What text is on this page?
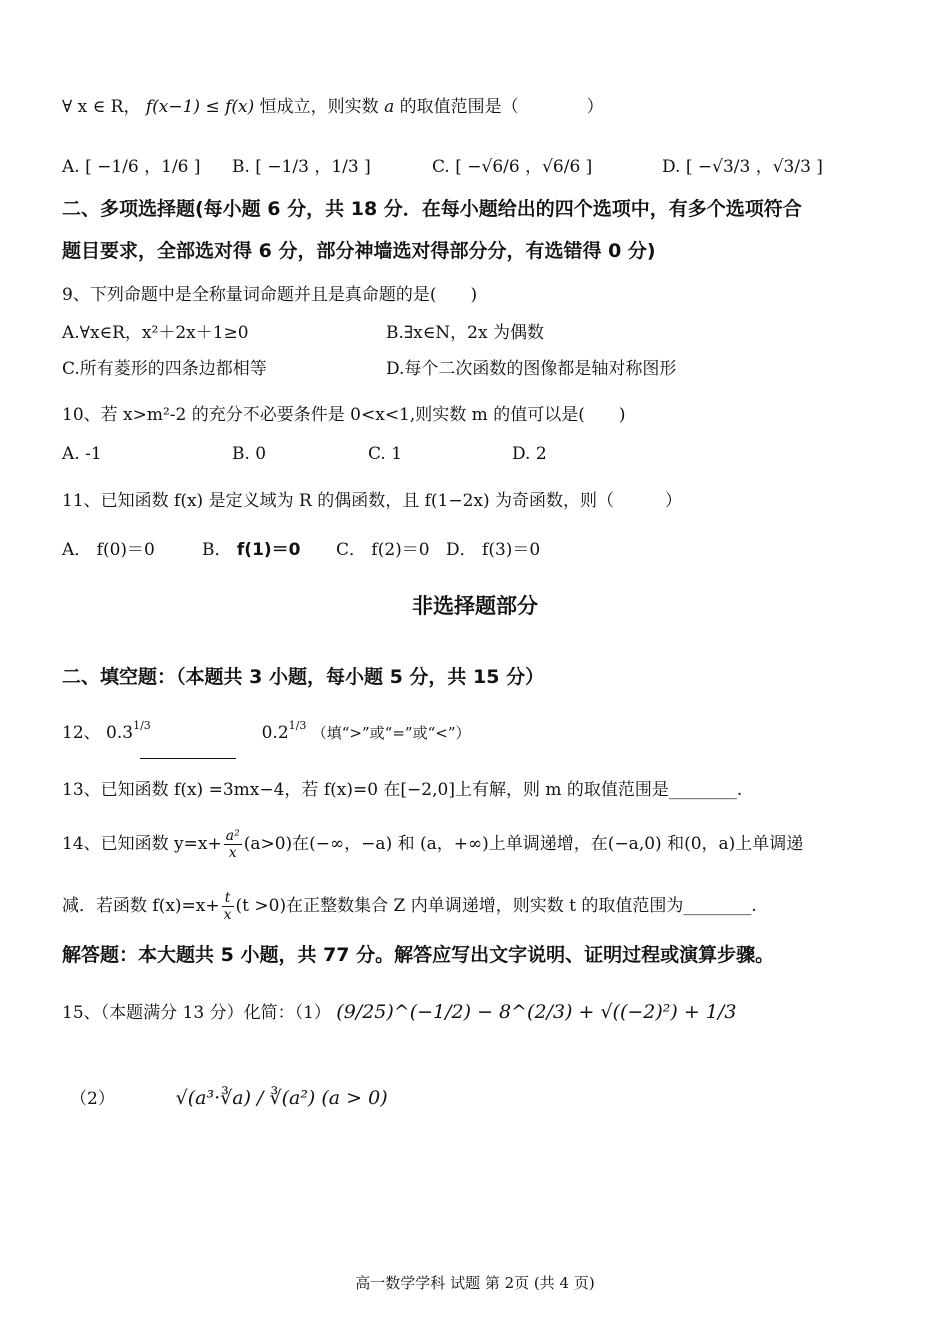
∀ x ∈ R， f(x−1) ≤ f(x) 恒成立，则实数 a 的取值范围是（　　　　）
A. [ −1/6 ，1/6 ] B. [ −1/3 ，1/3 ]	C. [ −√6/6 ，√6/6 ]	D. [ −√3/3 ，√3/3 ]
二、多项选择题(每小题 6 分，共 18 分．在每小题给出的四个选项中，有多个选项符合
题目要求，全部选对得 6 分，部分神墙选对得部分分，有选错得 0 分)
9、下列命题中是全称量词命题并且是真命题的是(　　)
A.∀x∈R，x²＋2x＋1≥0	B.∃x∈N，2x 为偶数
C.所有菱形的四条边都相等	D.每个二次函数的图像都是轴对称图形
10、若 x>m²-2 的充分不必要条件是 0<x<1,则实数 m 的值可以是(　　)
A. -1	B. 0	C. 1	D. 2
11、已知函数 f(x) 是定义域为 R 的偶函数，且 f(1−2x) 为奇函数，则（　　　）
A． f(0)＝0	B． f(1)＝0 C． f(2)＝0 D． f(3)＝0
非选择题部分
二、填空题：（本题共 3 小题，每小题 5 分，共 15 分）
12、 $0.3^{1/3}$	$0.2^{1/3}$ （填“>”或“=”或“<”）
13、已知函数 f(x) =3mx−4，若 f(x)=0 在[−2,0]上有解，则 m 的取值范围是________.
14、已知函数 $y=x+ \frac{\text{a²}}{x} (a>0)$在(−∞，−a) 和 (a，+∞)上单调递增，在(−a,0) 和(0，a)上单调递
减．若函数 $f(x)=x+ \frac{t}{x} (t >0)$在正整数集合 Z 内单调递增，则实数 t 的取值范围为________.
解答题：本大题共 5 小题，共 77 分。解答应写出文字说明、证明过程或演算步骤。
15、（本题满分 13 分）化简：（1） (9/25)^(−1/2) − 8^(2/3) + √((−2)²) + 1/3
（2）	√(a³·∛a) / ∛(a²) (a > 0)
高一数学学科 试题 第 2页 (共 4 页)
